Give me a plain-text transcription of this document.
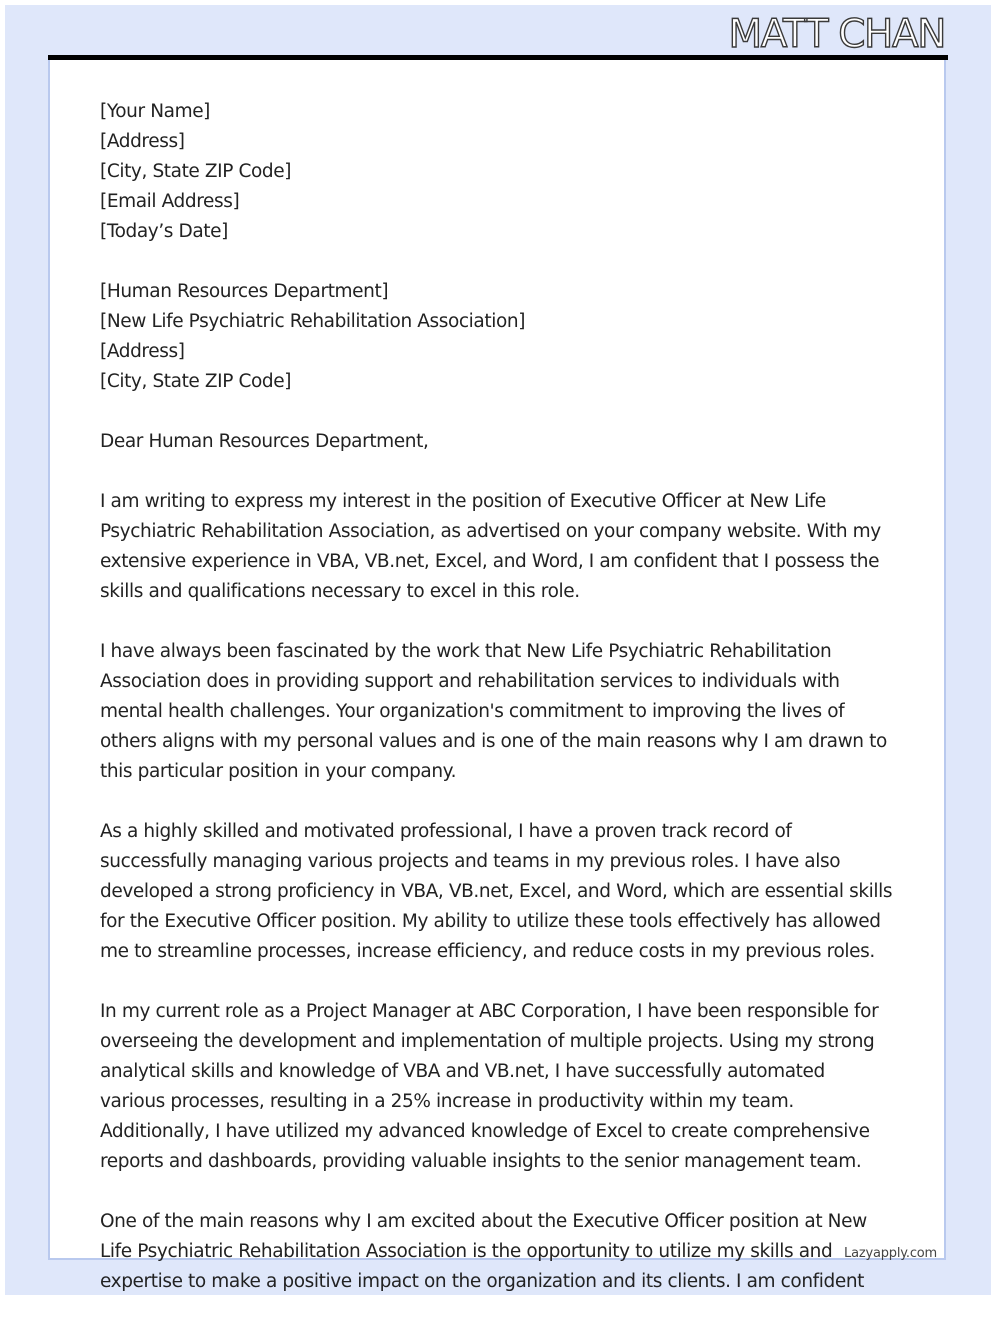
MATT CHAN
[Your Name]
[Address]
[City, State ZIP Code]
[Email Address]
[Today’s Date]
[Human Resources Department]
[New Life Psychiatric Rehabilitation Association]
[Address]
[City, State ZIP Code]
Dear Human Resources Department,

I am writing to express my interest in the position of Executive Officer at New Life Psychiatric Rehabilitation Association, as advertised on your company website. With my extensive experience in VBA, VB.net, Excel, and Word, I am confident that I possess the skills and qualifications necessary to excel in this role.

I have always been fascinated by the work that New Life Psychiatric Rehabilitation Association does in providing support and rehabilitation services to individuals with mental health challenges. Your organization's commitment to improving the lives of others aligns with my personal values and is one of the main reasons why I am drawn to this particular position in your company.

As a highly skilled and motivated professional, I have a proven track record of successfully managing various projects and teams in my previous roles. I have also developed a strong proficiency in VBA, VB.net, Excel, and Word, which are essential skills for the Executive Officer position. My ability to utilize these tools effectively has allowed me to streamline processes, increase efficiency, and reduce costs in my previous roles.

In my current role as a Project Manager at ABC Corporation, I have been responsible for overseeing the development and implementation of multiple projects. Using my strong analytical skills and knowledge of VBA and VB.net, I have successfully automated various processes, resulting in a 25% increase in productivity within my team. Additionally, I have utilized my advanced knowledge of Excel to create comprehensive reports and dashboards, providing valuable insights to the senior management team.

One of the main reasons why I am excited about the Executive Officer position at New Life Psychiatric Rehabilitation Association is the opportunity to utilize my skills and expertise to make a positive impact on the organization and its clients. I am confident

Lazyapply.com
